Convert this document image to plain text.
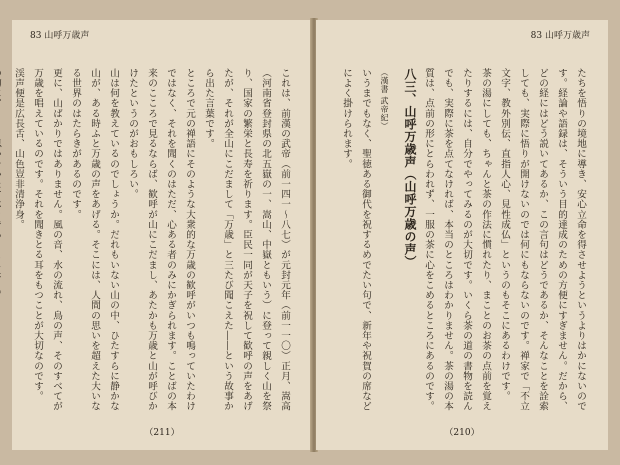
83 山呼万歳声

これは、前漢の武帝（前一四一〜八七）が元封元年（前一一〇）正月、嵩高（河南省登封県の北五嶽の一、嵩山、中嶽ともいう）に登って親しく山を祭り、国家の繁栄と長寿を祈ります。臣民一同が天子を祝して歓呼の声をあげたが、それが全山にこだまして「万歳」と三たび聞こえた――という故事から出た言葉です。

ところで元の禅語にそのような大衆的な万歳の歓呼がいつも鳴っていたわけではなく、それを聞くのはただ、心ある者のみにかぎられます。ことばの本来のこころで見るならば、歓呼が山にこだまし、あたかも万歳と山が呼びかけたというのがおもしろい。

山は何を教えているのでしょうか。だれもいない山の中、ひたすらに静かな山が、ある時ふと万歳の声をあげる。そこには、人間の思いを超えた大いなる世界のはたらきがあるのです。

更に、山ばかりではありません。風の音、水の流れ、鳥の声、そのすべてが万歳を唱えているのです。それを聞きとる耳をもつことが大切なのです。

渓声便是広長舌、山色豈非清浄身。

（211）
83 山呼万歳声

たちを悟りの境地に導き、安心立命を得させようというよりはかにないのです。経論や語録は、そういう目的達成のための方便にすぎません。だから、どの経にはどう説いてあるか、この言句はどうであるか、そんなことを詮索しても、実際に悟りが開けないのでは何にもならないのです。禅家で「不立文字、教外別伝、直指人心、見性成仏」というのもそこにあるわけです。

茶の湯にしても、ちゃんと茶の作法に慣れたり、まことのお茶の点前を覚えたりするには、自分でやってみるのが大切です。いくら茶の道の書物を読んでも、実際に茶を点てなければ、本当のところはわかりません。茶の湯の本質は、点前の形にとらわれず、一服の茶に心をこめるところにあるのです。

八三、山呼万歳声（山呼万歳の声）

（漢書 武帝紀）

いうまでもなく、聖徳ある御代を祝するめでたい句で、新年や祝賀の席などによく掛けられます。

（210）
